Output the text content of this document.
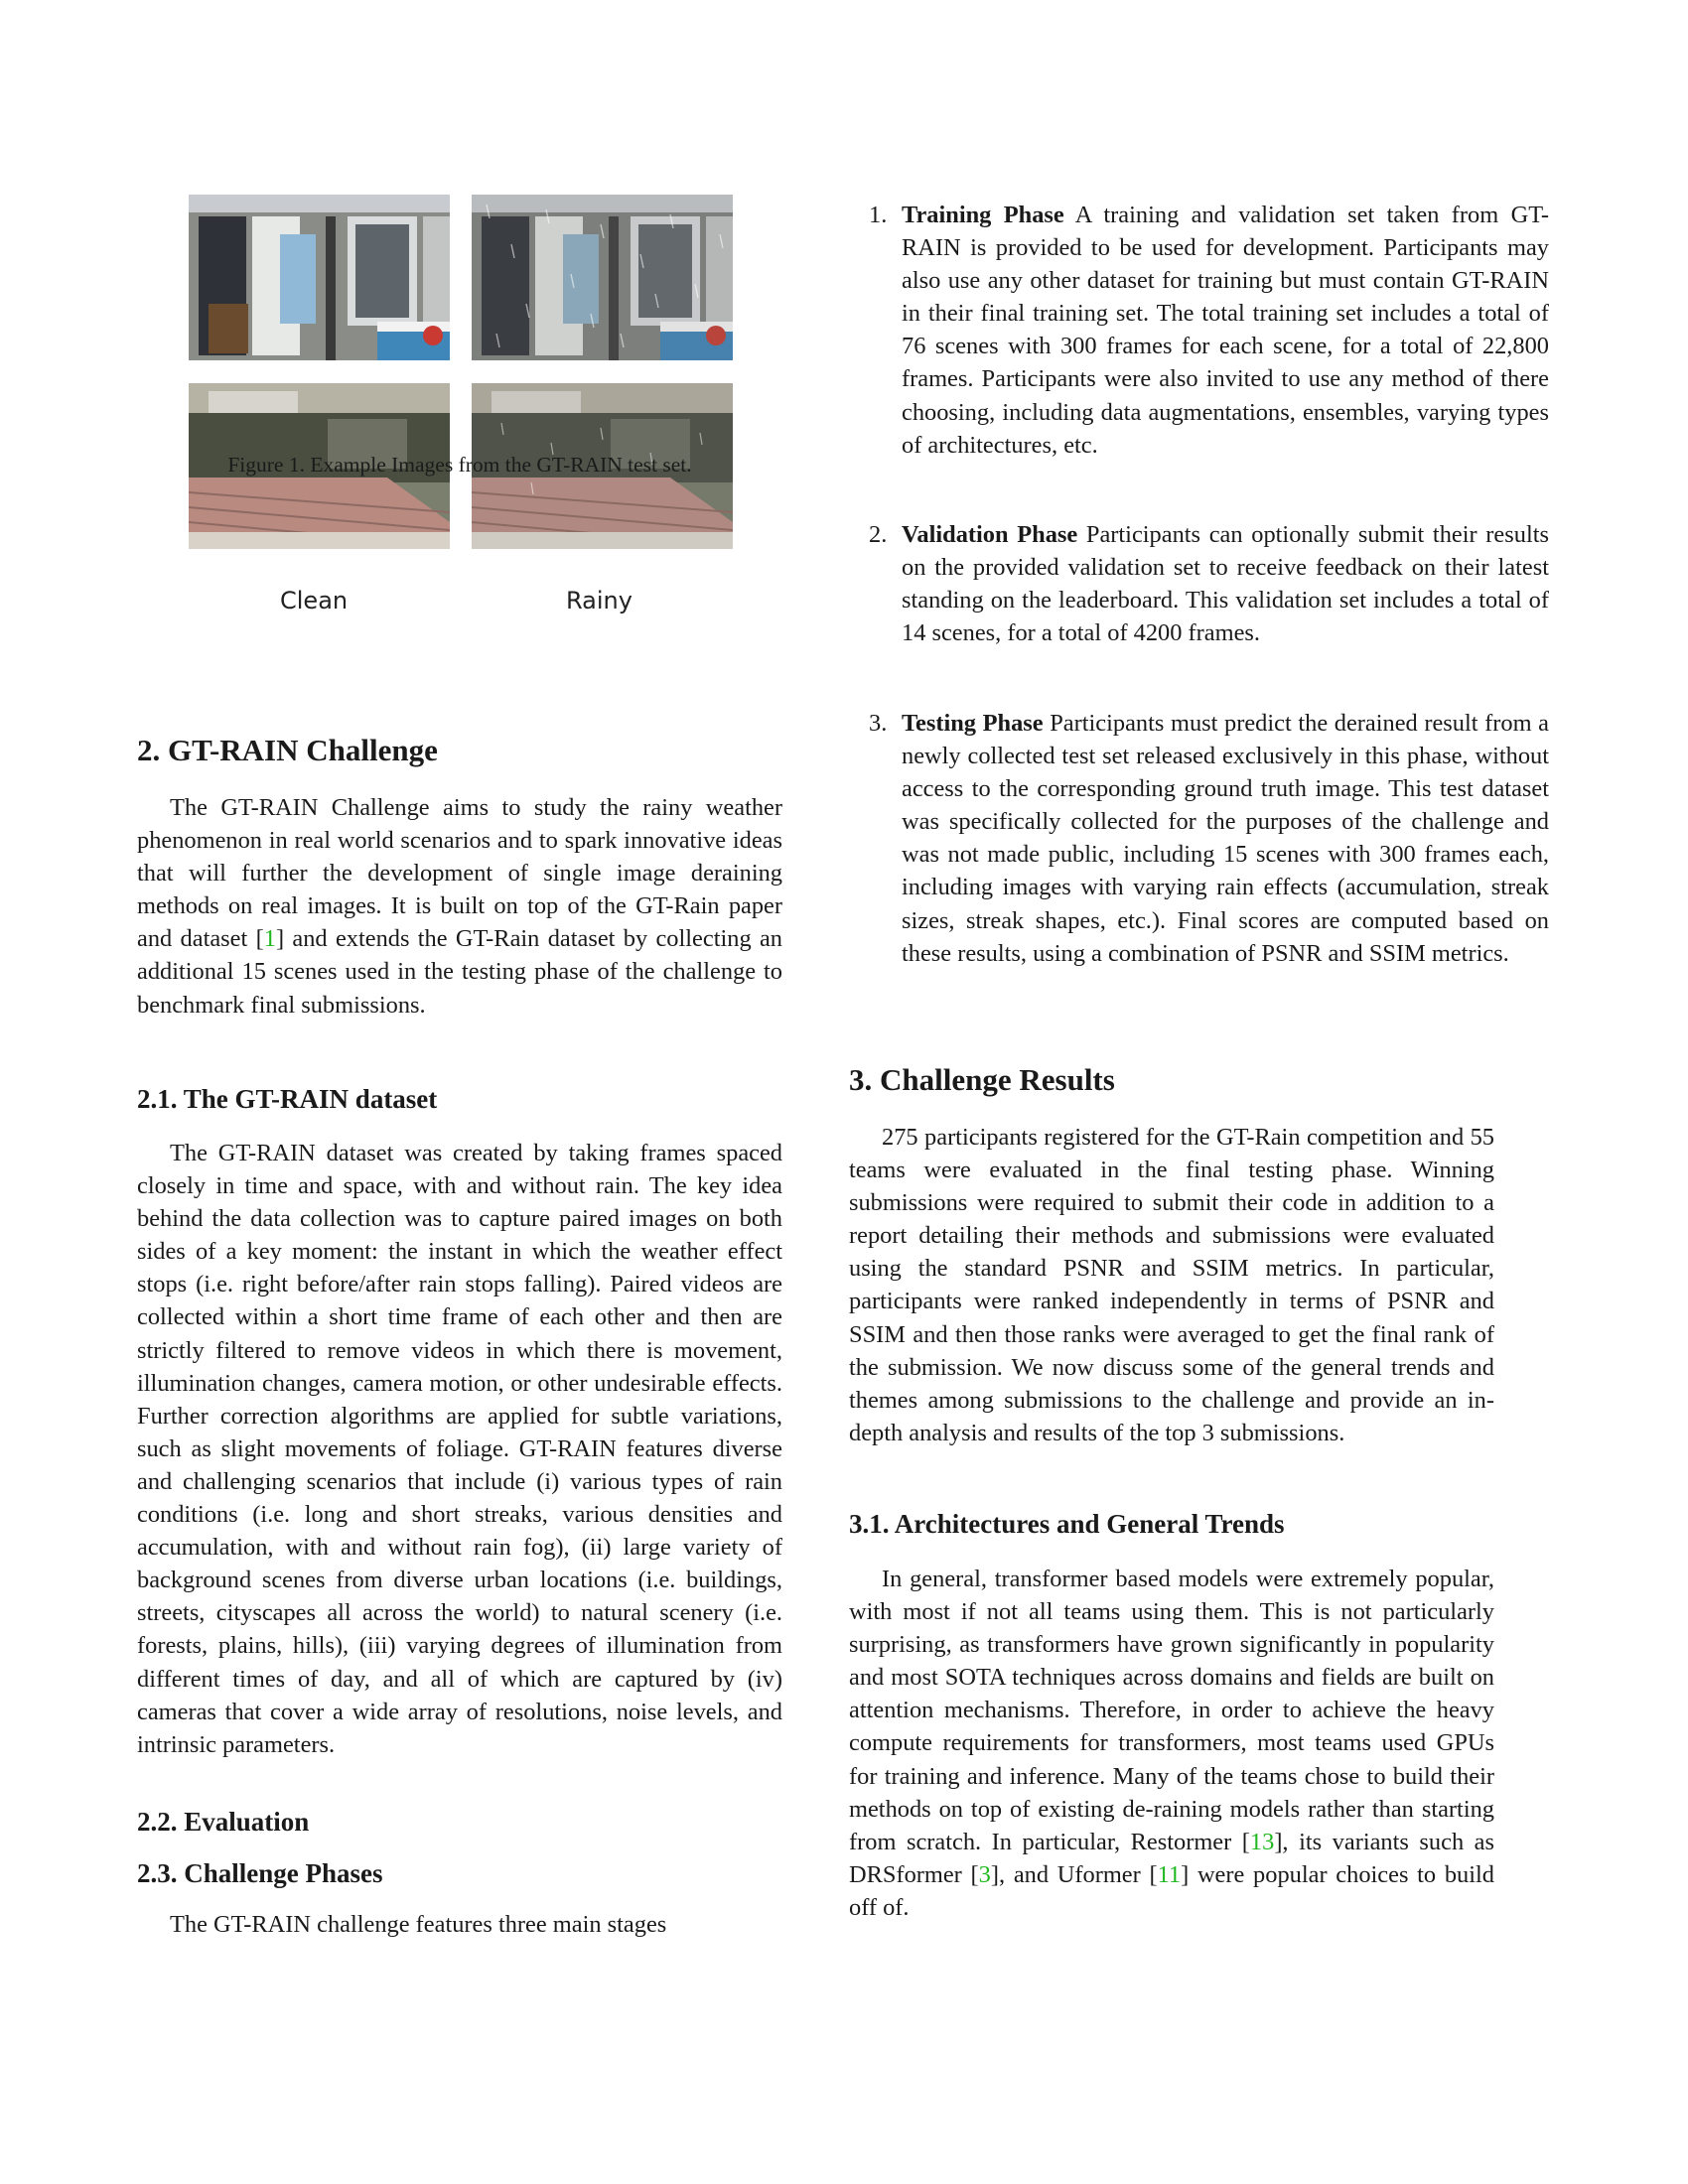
Clean	Rainy
Figure 1. Example Images from the GT-RAIN test set.
2. GT-RAIN Challenge

The GT-RAIN Challenge aims to study the rainy weather phenomenon in real world scenarios and to spark innovative ideas that will further the development of single image deraining methods on real images. It is built on top of the GT-Rain paper and dataset [1] and extends the GT-Rain dataset by collecting an additional 15 scenes used in the testing phase of the challenge to benchmark final submissions.

2.1. The GT-RAIN dataset

The GT-RAIN dataset was created by taking frames spaced closely in time and space, with and without rain. The key idea behind the data collection was to capture paired images on both sides of a key moment: the instant in which the weather effect stops (i.e. right before/after rain stops falling). Paired videos are collected within a short time frame of each other and then are strictly filtered to remove videos in which there is movement, illumination changes, camera motion, or other undesirable effects. Further correction algorithms are applied for subtle variations, such as slight movements of foliage. GT-RAIN features diverse and challenging scenarios that include (i) various types of rain conditions (i.e. long and short streaks, various densities and accumulation, with and without rain fog), (ii) large variety of background scenes from diverse urban locations (i.e. buildings, streets, cityscapes all across the world) to natural scenery (i.e. forests, plains, hills), (iii) varying degrees of illumination from different times of day, and all of which are captured by (iv) cameras that cover a wide array of resolutions, noise levels, and intrinsic parameters.

2.2. Evaluation
2.3. Challenge Phases

The GT-RAIN challenge features three main stages

1. Training Phase A training and validation set taken from GT-RAIN is provided to be used for development. Participants may also use any other dataset for training but must contain GT-RAIN in their final training set. The total training set includes a total of 76 scenes with 300 frames for each scene, for a total of 22,800 frames. Participants were also invited to use any method of there choosing, including data augmentations, ensembles, varying types of architectures, etc.

2. Validation Phase Participants can optionally submit their results on the provided validation set to receive feedback on their latest standing on the leaderboard. This validation set includes a total of 14 scenes, for a total of 4200 frames.

3. Testing Phase Participants must predict the derained result from a newly collected test set released exclusively in this phase, without access to the corresponding ground truth image. This test dataset was specifically collected for the purposes of the challenge and was not made public, including 15 scenes with 300 frames each, including images with varying rain effects (accumulation, streak sizes, streak shapes, etc.). Final scores are computed based on these results, using a combination of PSNR and SSIM metrics.

3. Challenge Results

275 participants registered for the GT-Rain competition and 55 teams were evaluated in the final testing phase. Winning submissions were required to submit their code in addition to a report detailing their methods and submissions were evaluated using the standard PSNR and SSIM metrics. In particular, participants were ranked independently in terms of PSNR and SSIM and then those ranks were averaged to get the final rank of the submission. We now discuss some of the general trends and themes among submissions to the challenge and provide an in-depth analysis and results of the top 3 submissions.

3.1. Architectures and General Trends

In general, transformer based models were extremely popular, with most if not all teams using them. This is not particularly surprising, as transformers have grown significantly in popularity and most SOTA techniques across domains and fields are built on attention mechanisms. Therefore, in order to achieve the heavy compute requirements for transformers, most teams used GPUs for training and inference. Many of the teams chose to build their methods on top of existing de-raining models rather than starting from scratch. In particular, Restormer [13], its variants such as DRSformer [3], and Uformer [11] were popular choices to build off of.
